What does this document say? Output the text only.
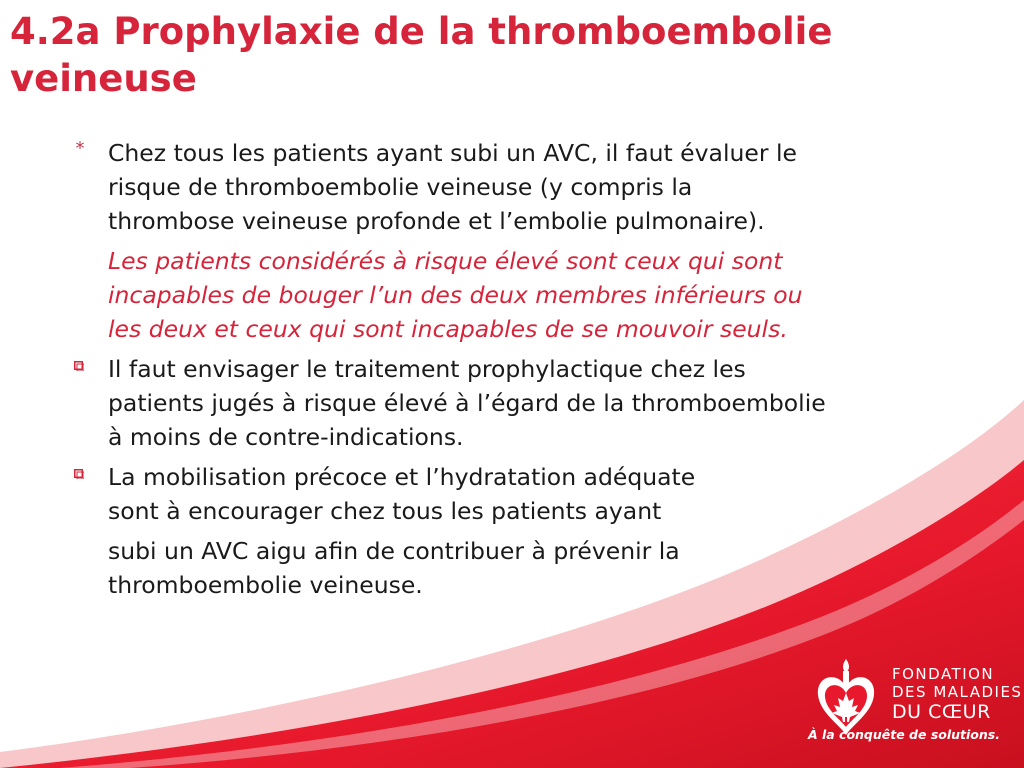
4.2a Prophylaxie de la thromboembolie
veineuse
* Chez tous les patients ayant subi un AVC, il faut évaluer le
risque de thromboembolie veineuse (y compris la
thrombose veineuse profonde et l’embolie pulmonaire).
Les patients considérés à risque élevé sont ceux qui sont
incapables de bouger l’un des deux membres inférieurs ou
les deux et ceux qui sont incapables de se mouvoir seuls.
Il faut envisager le traitement prophylactique chez les
patients jugés à risque élevé à l’égard de la thromboembolie
à moins de contre-indications.
La mobilisation précoce et l’hydratation adéquate
sont à encourager chez tous les patients ayant
subi un AVC aigu afin de contribuer à prévenir la
thromboembolie veineuse.
FONDATION
DES MALADIES
DU CŒUR
À la conquête de solutions.
